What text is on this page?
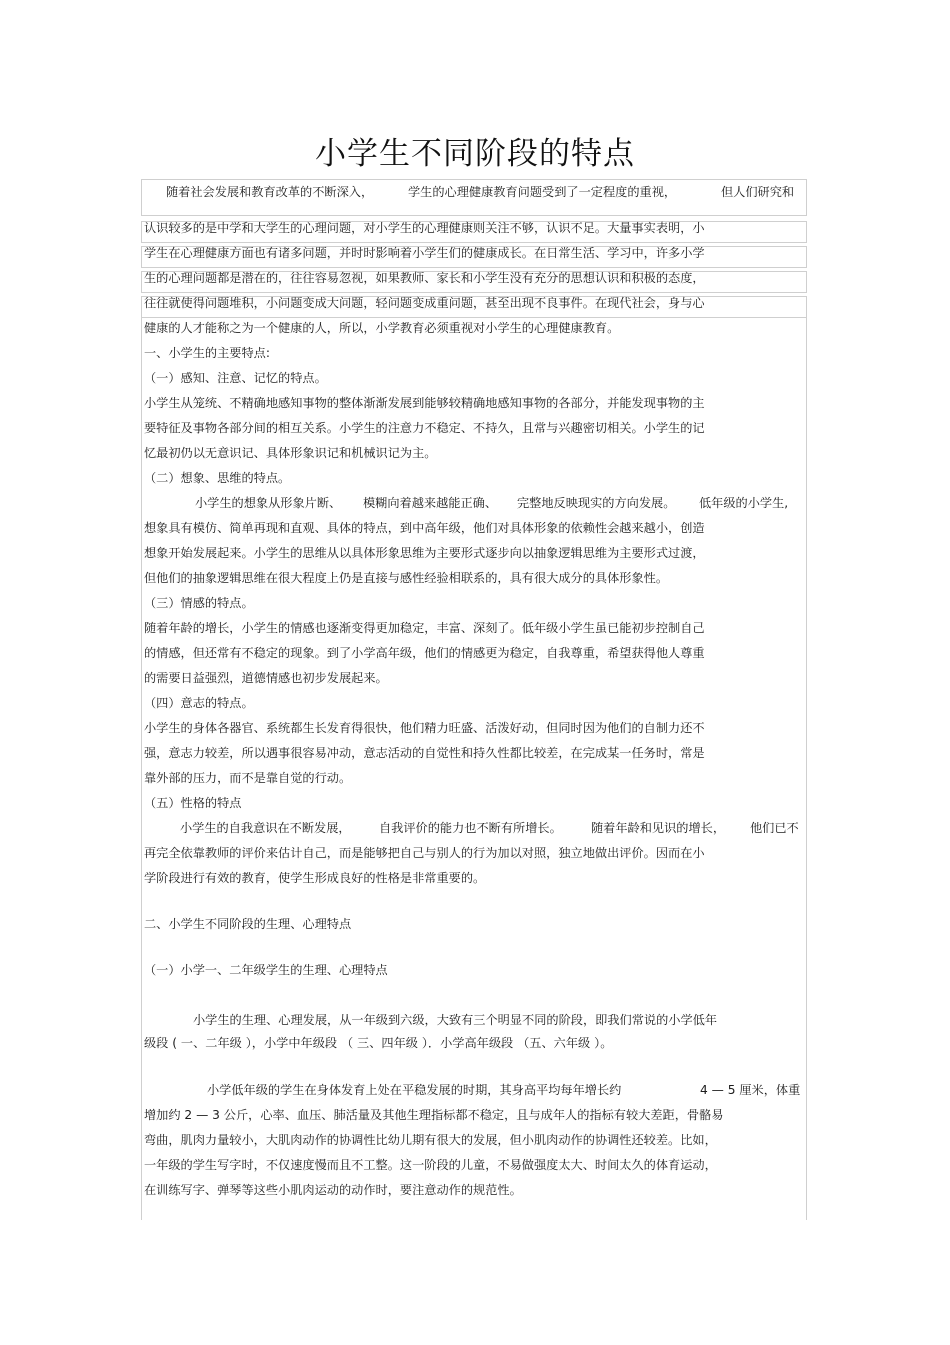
小学生不同阶段的特点
随着社会发展和教育改革的不断深入，	学生的心理健康教育问题受到了一定程度的重视，	但人们研究和
认识较多的是中学和大学生的心理问题，对小学生的心理健康则关注不够，认识不足。大量事实表明，小
学生在心理健康方面也有诸多问题，并时时影响着小学生们的健康成长。在日常生活、学习中，许多小学
生的心理问题都是潜在的，往往容易忽视，如果教师、家长和小学生没有充分的思想认识和积极的态度，
往往就使得问题堆积，小问题变成大问题，轻问题变成重问题，甚至出现不良事件。在现代社会，身与心
健康的人才能称之为一个健康的人，所以，小学教育必须重视对小学生的心理健康教育。
一、小学生的主要特点:
（一）感知、注意、记忆的特点。
小学生从笼统、不精确地感知事物的整体渐渐发展到能够较精确地感知事物的各部分，并能发现事物的主
要特征及事物各部分间的相互关系。小学生的注意力不稳定、不持久，且常与兴趣密切相关。小学生的记
忆最初仍以无意识记、具体形象识记和机械识记为主。
（二）想象、思维的特点。
小学生的想象从形象片断、 模糊向着越来越能正确、 完整地反映现实的方向发展。 低年级的小学生,
想象具有模仿、简单再现和直观、具体的特点，到中高年级，他们对具体形象的依赖性会越来越小，创造
想象开始发展起来。小学生的思维从以具体形象思维为主要形式逐步向以抽象逻辑思维为主要形式过渡，
但他们的抽象逻辑思维在很大程度上仍是直接与感性经验相联系的，具有很大成分的具体形象性。
（三）情感的特点。
随着年龄的增长，小学生的情感也逐渐变得更加稳定，丰富、深刻了。低年级小学生虽已能初步控制自己
的情感，但还常有不稳定的现象。到了小学高年级，他们的情感更为稳定，自我尊重，希望获得他人尊重
的需要日益强烈，道德情感也初步发展起来。
（四）意志的特点。
小学生的身体各器官、系统都生长发育得很快，他们精力旺盛、活泼好动，但同时因为他们的自制力还不
强，意志力较差，所以遇事很容易冲动，意志活动的自觉性和持久性都比较差，在完成某一任务时，常是
靠外部的压力，而不是靠自觉的行动。
（五）性格的特点
小学生的自我意识在不断发展， 自我评价的能力也不断有所增长。 随着年龄和见识的增长， 他们已不
再完全依靠教师的评价来估计自己，而是能够把自己与别人的行为加以对照，独立地做出评价。因而在小
学阶段进行有效的教育，使学生形成良好的性格是非常重要的。
二、小学生不同阶段的生理、心理特点
（一）小学一、二年级学生的生理、心理特点
小学生的生理、心理发展，从一年级到六级，大致有三个明显不同的阶段，即我们常说的小学低年
级段 ( 一、二年级 ），小学中年级段 （ 三、四年级 ）．小学高年级段 （五、六年级 ）。
小学低年级的学生在身体发育上处在平稳发展的时期，其身高平均每年增长约	4 — 5 厘米，体重
增加约 2 — 3 公斤，心率、血压、肺活量及其他生理指标都不稳定，且与成年人的指标有较大差距，骨骼易
弯曲，肌肉力量较小，大肌肉动作的协调性比幼儿期有很大的发展，但小肌肉动作的协调性还较差。比如，
一年级的学生写字时，不仅速度慢而且不工整。这一阶段的儿童，不易做强度太大、时间太久的体育运动，
在训练写字、弹琴等这些小肌肉运动的动作时，要注意动作的规范性。
